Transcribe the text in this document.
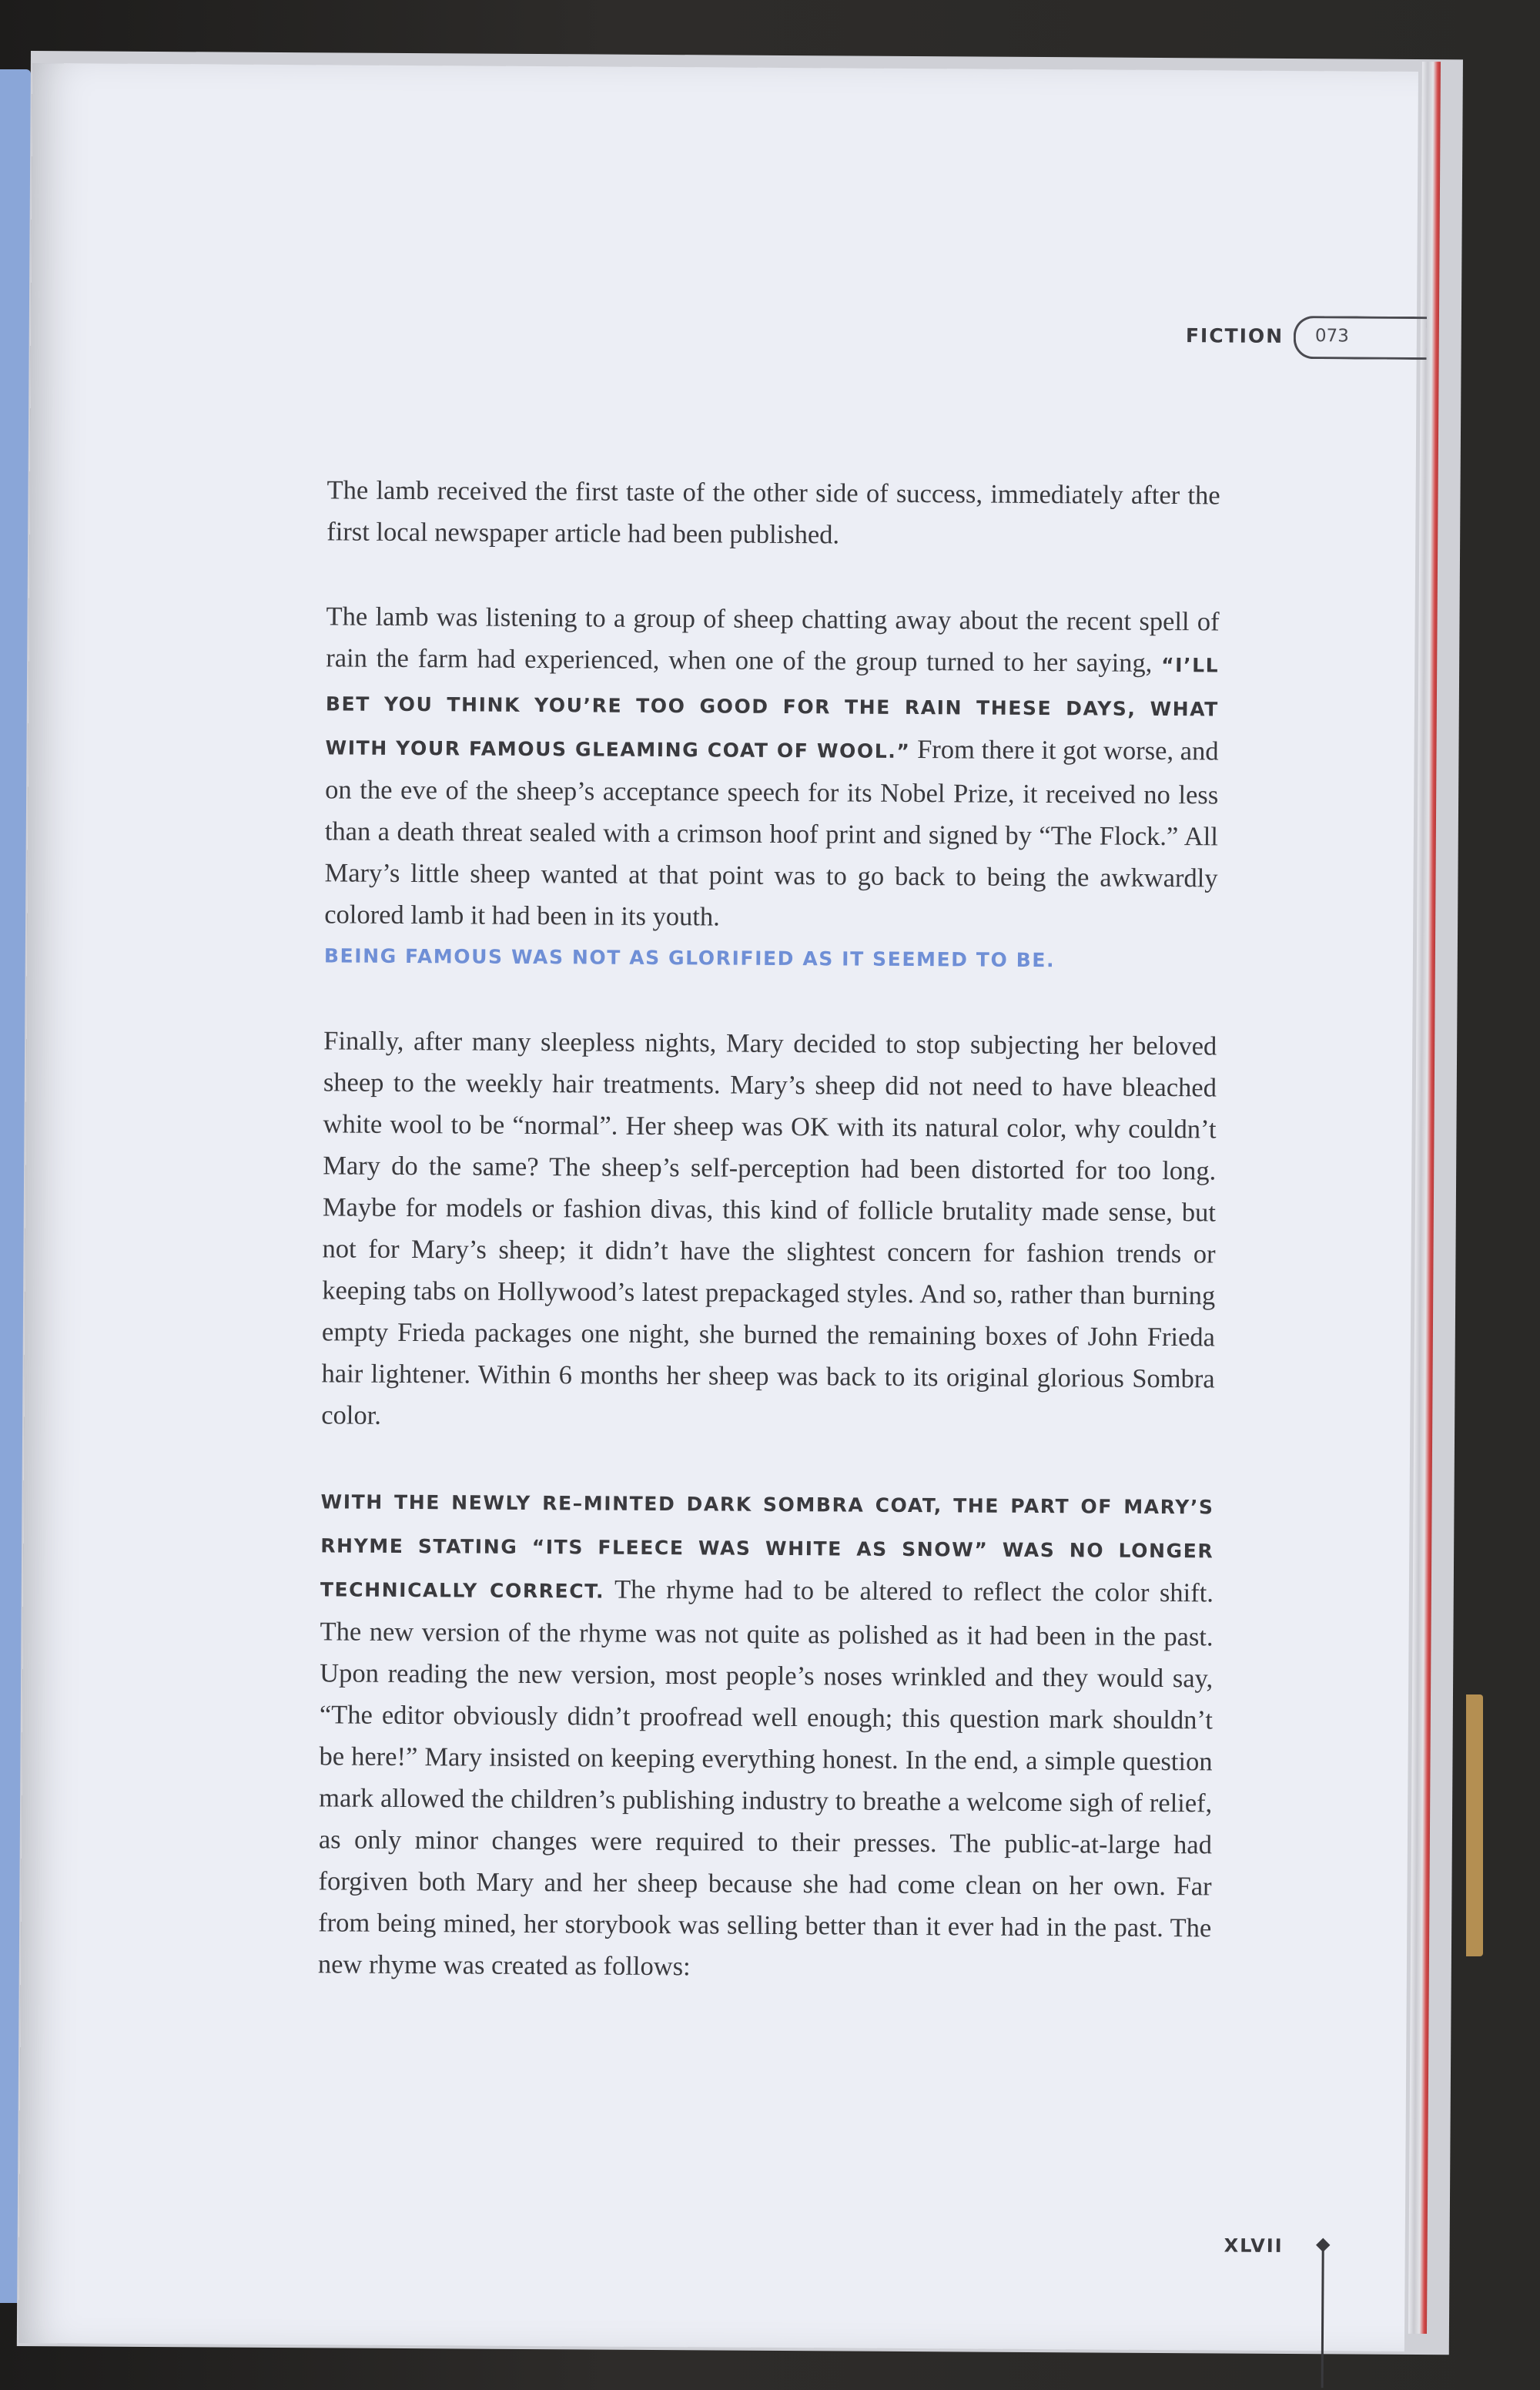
FICTION 073

The lamb received the first taste of the other side of success, immediately after the first local newspaper article had been published.

The lamb was listening to a group of sheep chatting away about the recent spell of rain the farm had experienced, when one of the group turned to her saying, “I’LL BET YOU THINK YOU’RE TOO GOOD FOR THE RAIN THESE DAYS, WHAT WITH YOUR FAMOUS GLEAMING COAT OF WOOL.” From there it got worse, and on the eve of the sheep’s acceptance speech for its Nobel Prize, it received no less than a death threat sealed with a crimson hoof print and signed by “The Flock.” All Mary’s little sheep wanted at that point was to go back to being the awkwardly colored lamb it had been in its youth.
BEING FAMOUS WAS NOT AS GLORIFIED AS IT SEEMED TO BE.

Finally, after many sleepless nights, Mary decided to stop subjecting her beloved sheep to the weekly hair treatments. Mary’s sheep did not need to have bleached white wool to be “normal”. Her sheep was OK with its natural color, why couldn’t Mary do the same? The sheep’s self-perception had been distorted for too long. Maybe for models or fashion divas, this kind of follicle brutality made sense, but not for Mary’s sheep; it didn’t have the slightest concern for fashion trends or keeping tabs on Hollywood’s latest prepackaged styles. And so, rather than burning empty Frieda packages one night, she burned the remaining boxes of John Frieda hair lightener. Within 6 months her sheep was back to its original glorious Sombra color.

WITH THE NEWLY RE–MINTED DARK SOMBRA COAT, THE PART OF MARY’S RHYME STATING “ITS FLEECE WAS WHITE AS SNOW” WAS NO LONGER TECHNICALLY CORRECT. The rhyme had to be altered to reflect the color shift. The new version of the rhyme was not quite as polished as it had been in the past. Upon reading the new version, most people’s noses wrinkled and they would say, “The editor obviously didn’t proofread well enough; this question mark shouldn’t be here!” Mary insisted on keeping everything honest. In the end, a simple question mark allowed the children’s publishing industry to breathe a welcome sigh of relief, as only minor changes were required to their presses. The public-at-large had forgiven both Mary and her sheep because she had come clean on her own. Far from being mined, her storybook was selling better than it ever had in the past. The new rhyme was created as follows:

XLVII
